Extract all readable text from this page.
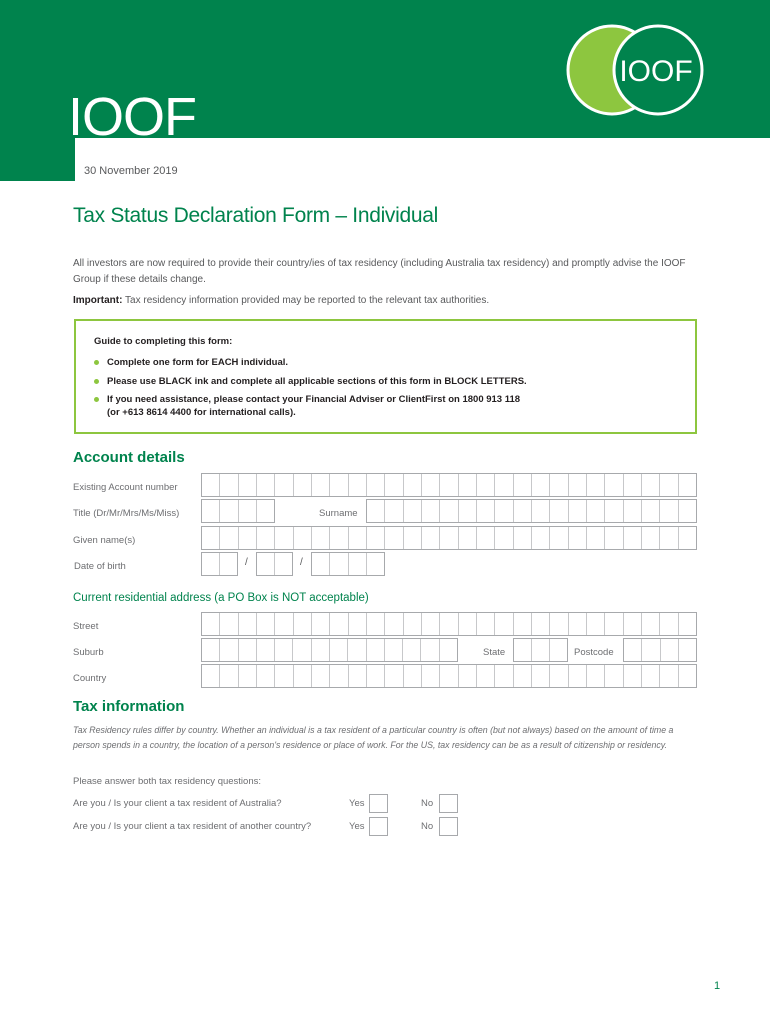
IOOF
IOOF
30 November 2019
Tax Status Declaration Form – Individual

All investors are now required to provide their country/ies of tax residency (including Australia tax residency) and promptly advise the IOOF Group if these details change.

Important: Tax residency information provided may be reported to the relevant tax authorities.

Guide to completing this form:
Complete one form for EACH individual.
Please use BLACK ink and complete all applicable sections of this form in BLOCK LETTERS.
If you need assistance, please contact your Financial Adviser or ClientFirst on 1800 913 118
(or +613 8614 4400 for international calls).
Account details
Existing Account number
Title (Dr/Mr/Mrs/Ms/Miss)	Surname
Given name(s)
Date of birth	/	/
Current residential address (a PO Box is NOT acceptable)
Street
Suburb	State	Postcode
Country
Tax information

Tax Residency rules differ by country. Whether an individual is a tax resident of a particular country is often (but not always) based on the amount of time a person spends in a country, the location of a person's residence or place of work. For the US, tax residency can be as a result of citizenship or residency.

Please answer both tax residency questions:
Are you / Is your client a tax resident of Australia?	Yes	No
Are you / Is your client a tax resident of another country?	Yes	No
1
